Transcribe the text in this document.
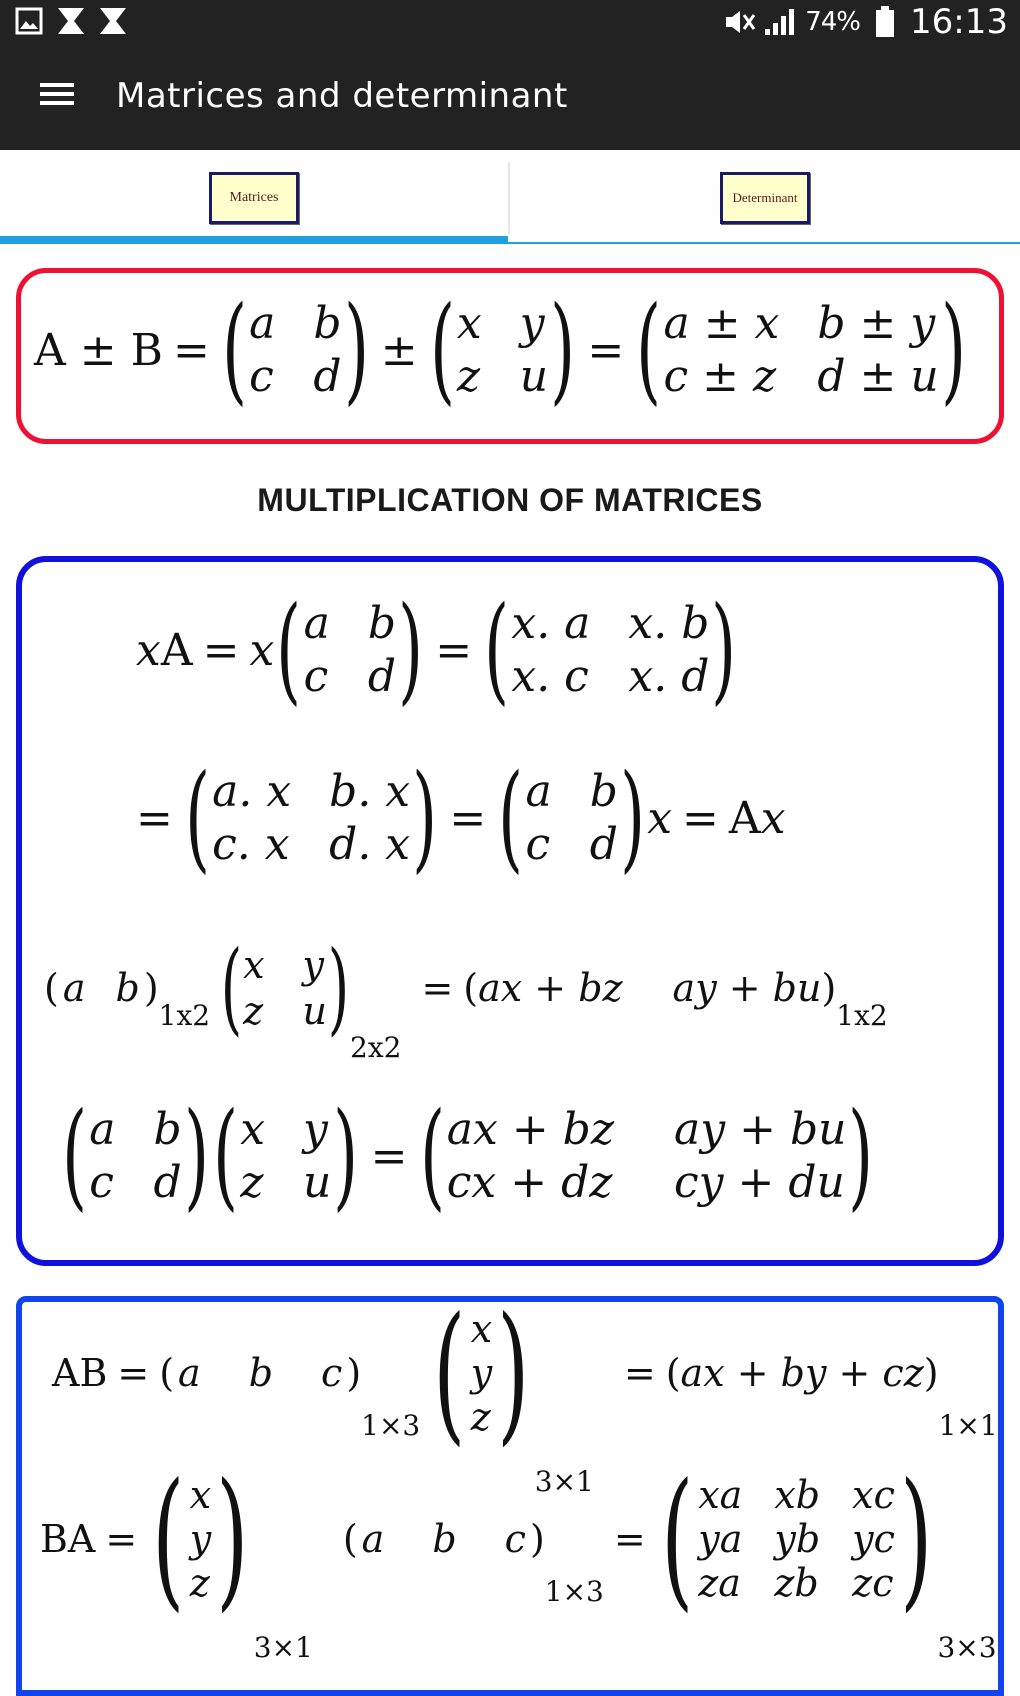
74% 16:13
Matrices and determinant
Matrices	Determinant
A ± B = ( a b
c d ) ± ( x y
z u ) = ( a ± x b ± y
c ± z d ± u )
MULTIPLICATION OF MATRICES
x A = x ( a b
c d ) = ( x. a x. b
x. c x. d )
= ( a. x b. x
c. x d. x ) = ( a b
c d ) x = A x
( a b )
1x2 ( x y
z u )
2x2
= ( ax + bz ay + bu )
1x2
( a b
c d ) ( x y
z u ) = ( ax + bz ay + bu
cx + dz cy + du )
AB = ( a b c )
1×3 ( x
y
z )
3×1
= ( ax + by + cz )
1×1
BA = ( x
y
z )
3×1
( a b c )
1×3
= ( xa xb xc
ya yb yc
za zb zc )
3×3
